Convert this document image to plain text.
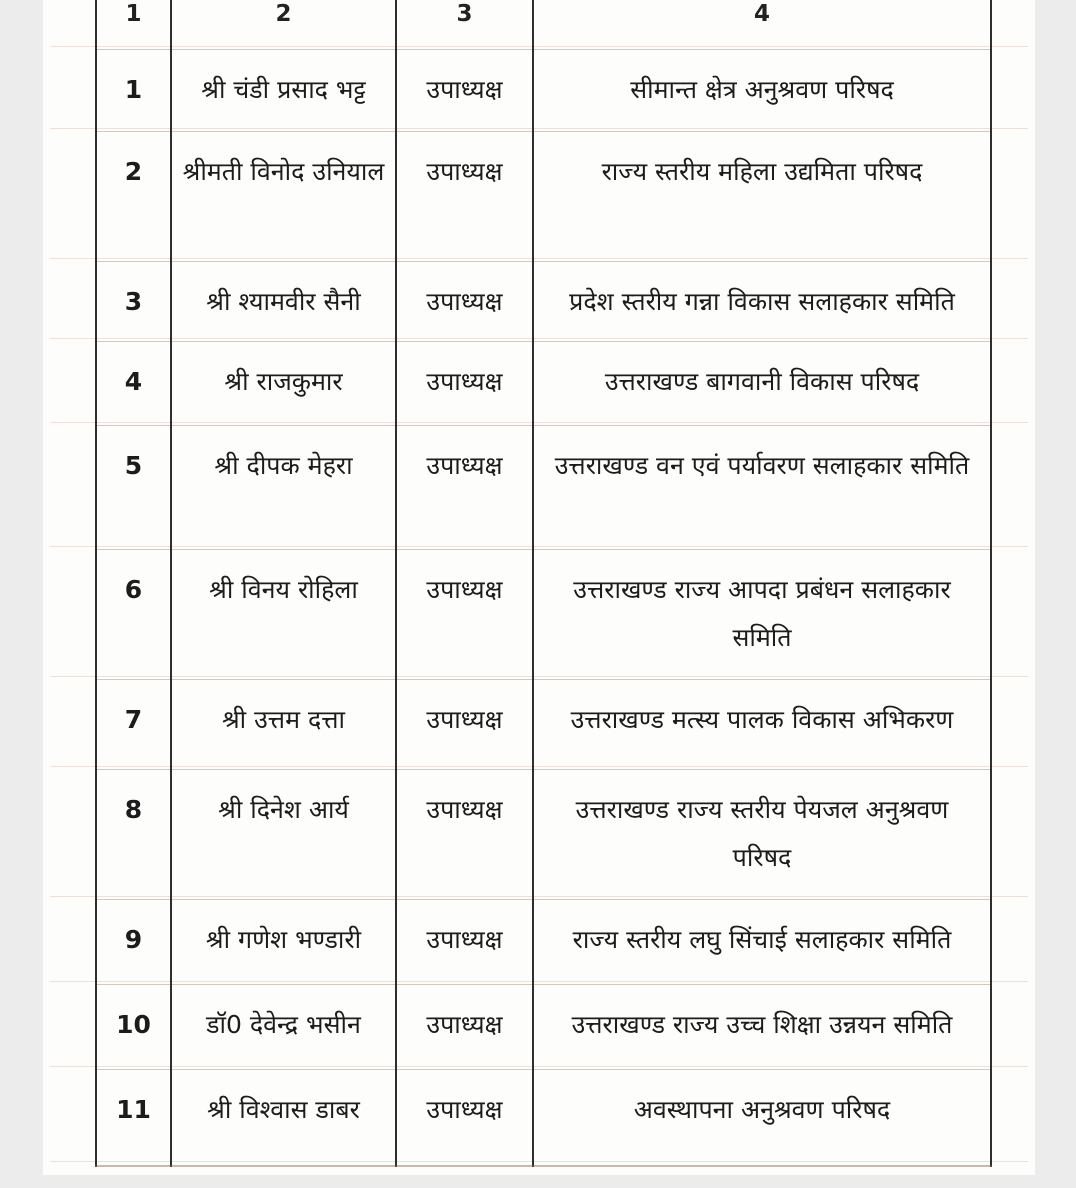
1	2	3	4
1	श्री चंडी प्रसाद भट्ट	उपाध्यक्ष	सीमान्त क्षेत्र अनुश्रवण परिषद
2	श्रीमती विनोद उनियाल	उपाध्यक्ष	राज्य स्तरीय महिला उद्यमिता परिषद
3	श्री श्यामवीर सैनी	उपाध्यक्ष	प्रदेश स्तरीय गन्ना विकास सलाहकार समिति
4	श्री राजकुमार	उपाध्यक्ष	उत्तराखण्ड बागवानी विकास परिषद
5	श्री दीपक मेहरा	उपाध्यक्ष	उत्तराखण्ड वन एवं पर्यावरण सलाहकार समिति
6	श्री विनय रोहिला	उपाध्यक्ष	उत्तराखण्ड राज्य आपदा प्रबंधन सलाहकार समिति
7	श्री उत्तम दत्ता	उपाध्यक्ष	उत्तराखण्ड मत्स्य पालक विकास अभिकरण
8	श्री दिनेश आर्य	उपाध्यक्ष	उत्तराखण्ड राज्य स्तरीय पेयजल अनुश्रवण परिषद
9	श्री गणेश भण्डारी	उपाध्यक्ष	राज्य स्तरीय लघु सिंचाई सलाहकार समिति
10	डॉ0 देवेन्द्र भसीन	उपाध्यक्ष	उत्तराखण्ड राज्य उच्च शिक्षा उन्नयन समिति
11	श्री विश्वास डाबर	उपाध्यक्ष	अवस्थापना अनुश्रवण परिषद
